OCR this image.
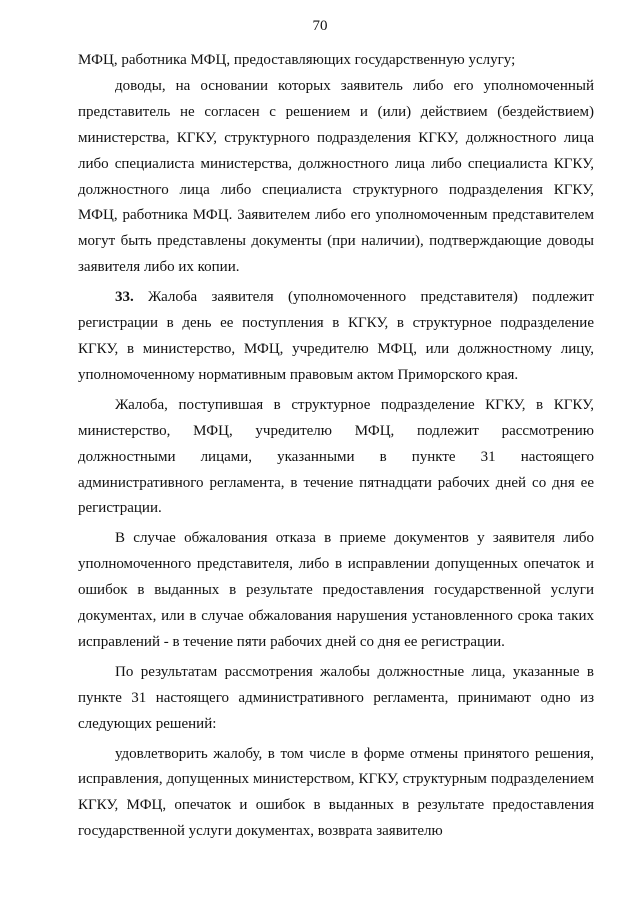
70

МФЦ, работника МФЦ, предоставляющих государственную услугу;

доводы, на основании которых заявитель либо его уполномоченный представитель не согласен с решением и (или) действием (бездействием) министерства, КГКУ, структурного подразделения КГКУ, должностного лица либо специалиста министерства, должностного лица либо специалиста КГКУ, должностного лица либо специалиста структурного подразделения КГКУ, МФЦ, работника МФЦ. Заявителем либо его уполномоченным представителем могут быть представлены документы (при наличии), подтверждающие доводы заявителя либо их копии.

33. Жалоба заявителя (уполномоченного представителя) подлежит регистрации в день ее поступления в КГКУ, в структурное подразделение КГКУ, в министерство, МФЦ, учредителю МФЦ, или должностному лицу, уполномоченному нормативным правовым актом Приморского края.

Жалоба, поступившая в структурное подразделение КГКУ, в КГКУ, министерство, МФЦ, учредителю МФЦ, подлежит рассмотрению должностными лицами, указанными в пункте 31 настоящего административного регламента, в течение пятнадцати рабочих дней со дня ее регистрации.

В случае обжалования отказа в приеме документов у заявителя либо уполномоченного представителя, либо в исправлении допущенных опечаток и ошибок в выданных в результате предоставления государственной услуги документах, или в случае обжалования нарушения установленного срока таких исправлений - в течение пяти рабочих дней со дня ее регистрации.

По результатам рассмотрения жалобы должностные лица, указанные в пункте 31 настоящего административного регламента, принимают одно из следующих решений:

удовлетворить жалобу, в том числе в форме отмены принятого решения, исправления, допущенных министерством, КГКУ, структурным подразделением КГКУ, МФЦ, опечаток и ошибок в выданных в результате предоставления государственной услуги документах, возврата заявителю
